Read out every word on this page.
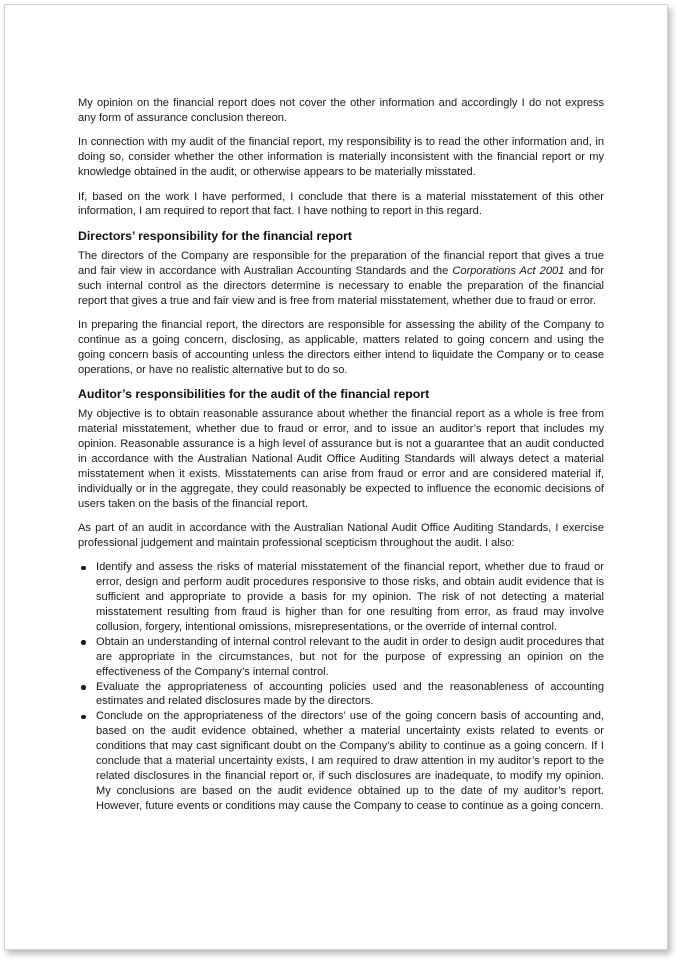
My opinion on the financial report does not cover the other information and accordingly I do not express any form of assurance conclusion thereon.

In connection with my audit of the financial report, my responsibility is to read the other information and, in doing so, consider whether the other information is materially inconsistent with the financial report or my knowledge obtained in the audit, or otherwise appears to be materially misstated.

If, based on the work I have performed, I conclude that there is a material misstatement of this other information, I am required to report that fact. I have nothing to report in this regard.

Directors’ responsibility for the financial report

The directors of the Company are responsible for the preparation of the financial report that gives a true and fair view in accordance with Australian Accounting Standards and the Corporations Act 2001 and for such internal control as the directors determine is necessary to enable the preparation of the financial report that gives a true and fair view and is free from material misstatement, whether due to fraud or error.

In preparing the financial report, the directors are responsible for assessing the ability of the Company to continue as a going concern, disclosing, as applicable, matters related to going concern and using the going concern basis of accounting unless the directors either intend to liquidate the Company or to cease operations, or have no realistic alternative but to do so.

Auditor’s responsibilities for the audit of the financial report

My objective is to obtain reasonable assurance about whether the financial report as a whole is free from material misstatement, whether due to fraud or error, and to issue an auditor’s report that includes my opinion. Reasonable assurance is a high level of assurance but is not a guarantee that an audit conducted in accordance with the Australian National Audit Office Auditing Standards will always detect a material misstatement when it exists. Misstatements can arise from fraud or error and are considered material if, individually or in the aggregate, they could reasonably be expected to influence the economic decisions of users taken on the basis of the financial report.

As part of an audit in accordance with the Australian National Audit Office Auditing Standards, I exercise professional judgement and maintain professional scepticism throughout the audit. I also:

Identify and assess the risks of material misstatement of the financial report, whether due to fraud or error, design and perform audit procedures responsive to those risks, and obtain audit evidence that is sufficient and appropriate to provide a basis for my opinion. The risk of not detecting a material misstatement resulting from fraud is higher than for one resulting from error, as fraud may involve collusion, forgery, intentional omissions, misrepresentations, or the override of internal control.
Obtain an understanding of internal control relevant to the audit in order to design audit procedures that are appropriate in the circumstances, but not for the purpose of expressing an opinion on the effectiveness of the Company’s internal control.
Evaluate the appropriateness of accounting policies used and the reasonableness of accounting estimates and related disclosures made by the directors.
Conclude on the appropriateness of the directors’ use of the going concern basis of accounting and, based on the audit evidence obtained, whether a material uncertainty exists related to events or conditions that may cast significant doubt on the Company’s ability to continue as a going concern. If I conclude that a material uncertainty exists, I am required to draw attention in my auditor’s report to the related disclosures in the financial report or, if such disclosures are inadequate, to modify my opinion. My conclusions are based on the audit evidence obtained up to the date of my auditor’s report. However, future events or conditions may cause the Company to cease to continue as a going concern.
